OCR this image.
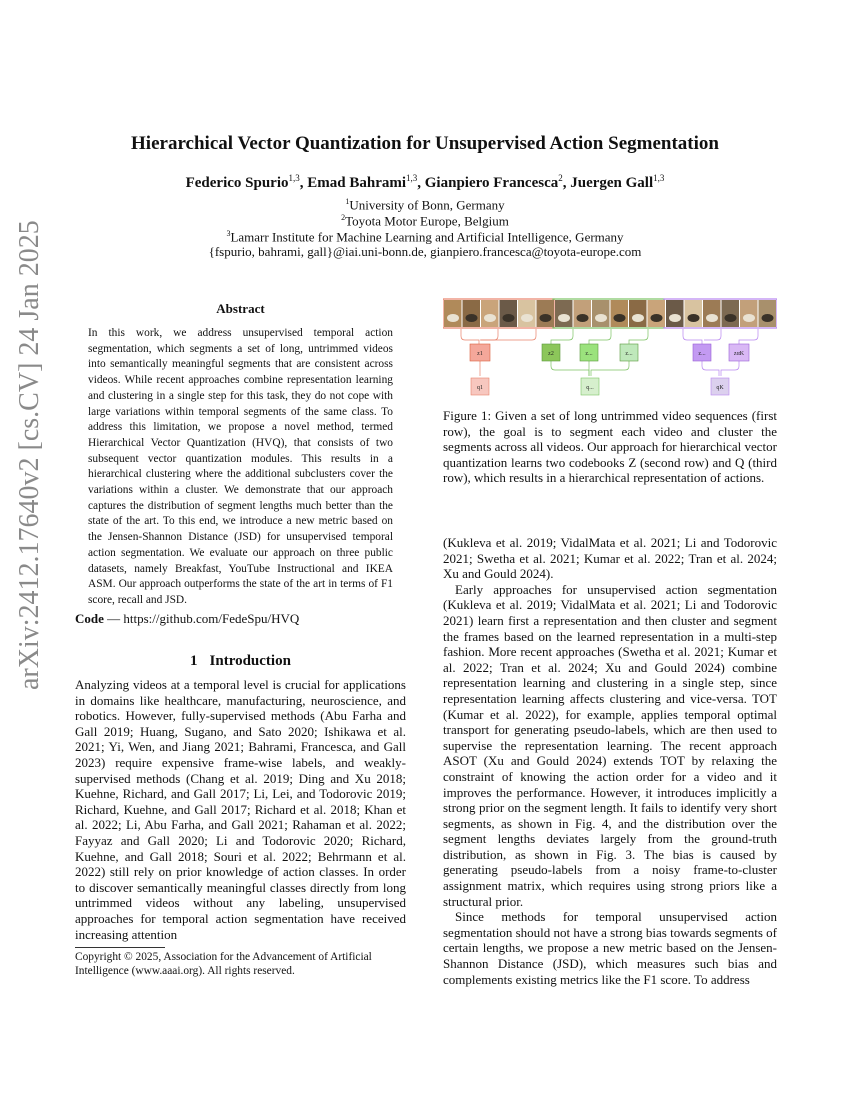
arXiv:2412.17640v2 [cs.CV] 24 Jan 2025
Hierarchical Vector Quantization for Unsupervised Action Segmentation
Federico Spurio$^{1,3}$, Emad Bahrami$^{1,3}$, Gianpiero Francesca$^2$, Juergen Gall$^{1,3}$
$^1$University of Bonn, Germany
$^2$Toyota Motor Europe, Belgium
$^3$Lamarr Institute for Machine Learning and Artificial Intelligence, Germany
{fspurio, bahrami, gall}@iai.uni-bonn.de, gianpiero.francesca@toyota-europe.com
Abstract
In this work, we address unsupervised temporal action segmentation, which segments a set of long, untrimmed videos into semantically meaningful segments that are consistent across videos. While recent approaches combine representation learning and clustering in a single step for this task, they do not cope with large variations within temporal segments of the same class. To address this limitation, we propose a novel method, termed Hierarchical Vector Quantization (HVQ), that consists of two subsequent vector quantization modules. This results in a hierarchical clustering where the additional subclusters cover the variations within a cluster. We demonstrate that our approach captures the distribution of segment lengths much better than the state of the art. To this end, we introduce a new metric based on the Jensen-Shannon Distance (JSD) for unsupervised temporal action segmentation. We evaluate our approach on three public datasets, namely Breakfast, YouTube Instructional and IKEA ASM. Our approach outperforms the state of the art in terms of F1 score, recall and JSD.
Code — https://github.com/FedeSpu/HVQ
1 Introduction
Analyzing videos at a temporal level is crucial for applications in domains like healthcare, manufacturing, neuroscience, and robotics. However, fully-supervised methods (Abu Farha and Gall 2019; Huang, Sugano, and Sato 2020; Ishikawa et al. 2021; Yi, Wen, and Jiang 2021; Bahrami, Francesca, and Gall 2023) require expensive frame-wise labels, and weakly-supervised methods (Chang et al. 2019; Ding and Xu 2018; Kuehne, Richard, and Gall 2017; Li, Lei, and Todorovic 2019; Richard, Kuehne, and Gall 2017; Richard et al. 2018; Khan et al. 2022; Li, Abu Farha, and Gall 2021; Rahaman et al. 2022; Fayyaz and Gall 2020; Li and Todorovic 2020; Richard, Kuehne, and Gall 2018; Souri et al. 2022; Behrmann et al. 2022) still rely on prior knowledge of action classes. In order to discover semantically meaningful classes directly from long untrimmed videos without any labeling, unsupervised approaches for temporal action segmentation have received increasing attention
Copyright © 2025, Association for the Advancement of Artificial Intelligence (www.aaai.org). All rights reserved.
z1	z2	z...	z...	z...	zαK
q1	q...	qK
Figure 1: Given a set of long untrimmed video sequences (first row), the goal is to segment each video and cluster the segments across all videos. Our approach for hierarchical vector quantization learns two codebooks Z (second row) and Q (third row), which results in a hierarchical representation of actions.

(Kukleva et al. 2019; VidalMata et al. 2021; Li and Todorovic 2021; Swetha et al. 2021; Kumar et al. 2022; Tran et al. 2024; Xu and Gould 2024).

Early approaches for unsupervised action segmentation (Kukleva et al. 2019; VidalMata et al. 2021; Li and Todorovic 2021) learn first a representation and then cluster and segment the frames based on the learned representation in a multi-step fashion. More recent approaches (Swetha et al. 2021; Kumar et al. 2022; Tran et al. 2024; Xu and Gould 2024) combine representation learning and clustering in a single step, since representation learning affects clustering and vice-versa. TOT (Kumar et al. 2022), for example, applies temporal optimal transport for generating pseudo-labels, which are then used to supervise the representation learning. The recent approach ASOT (Xu and Gould 2024) extends TOT by relaxing the constraint of knowing the action order for a video and it improves the performance. However, it introduces implicitly a strong prior on the segment length. It fails to identify very short segments, as shown in Fig. 4, and the distribution over the segment lengths deviates largely from the ground-truth distribution, as shown in Fig. 3. The bias is caused by generating pseudo-labels from a noisy frame-to-cluster assignment matrix, which requires using strong priors like a structural prior.

Since methods for temporal unsupervised action segmentation should not have a strong bias towards segments of certain lengths, we propose a new metric based on the Jensen-Shannon Distance (JSD), which measures such bias and complements existing metrics like the F1 score. To address
